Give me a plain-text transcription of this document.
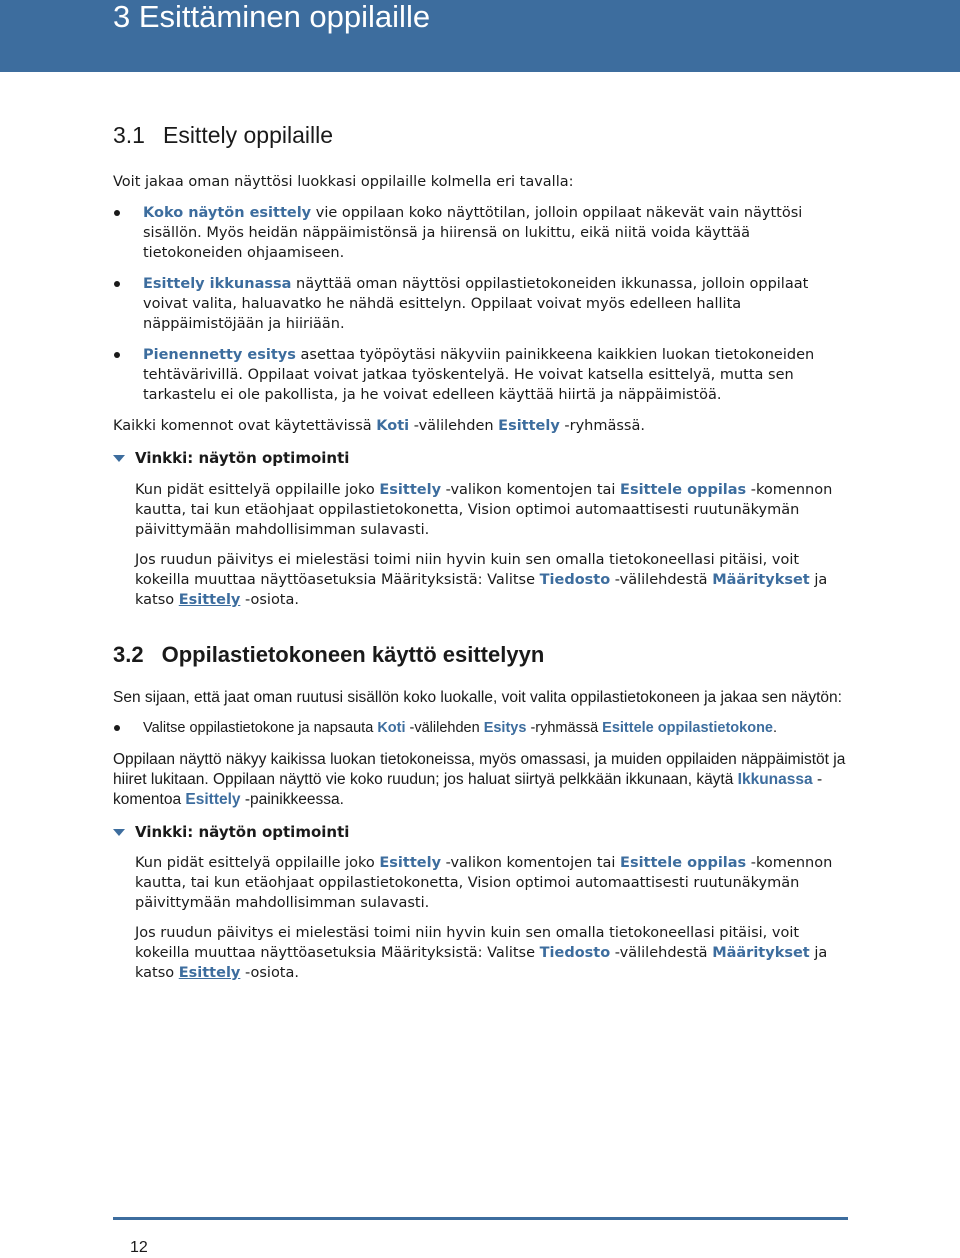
3 Esittäminen oppilaille
3.1 Esittely oppilaille

Voit jakaa oman näyttösi luokkasi oppilaille kolmella eri tavalla:

Koko näytön esittely vie oppilaan koko näyttötilan, jolloin oppilaat näkevät vain näyttösi sisällön. Myös heidän näppäimistönsä ja hiirensä on lukittu, eikä niitä voida käyttää tietokoneiden ohjaamiseen.
Esittely ikkunassa näyttää oman näyttösi oppilastietokoneiden ikkunassa, jolloin oppilaat voivat valita, haluavatko he nähdä esittelyn. Oppilaat voivat myös edelleen hallita näppäimistöjään ja hiiriään.
Pienennetty esitys asettaa työpöytäsi näkyviin painikkeena kaikkien luokan tietokoneiden tehtävärivillä. Oppilaat voivat jatkaa työskentelyä. He voivat katsella esittelyä, mutta sen tarkastelu ei ole pakollista, ja he voivat edelleen käyttää hiirtä ja näppäimistöä.

Kaikki komennot ovat käytettävissä Koti -välilehden Esittely -ryhmässä.

Vinkki: näytön optimointi

Kun pidät esittelyä oppilaille joko Esittely -valikon komentojen tai Esittele oppilas -komennon kautta, tai kun etäohjaat oppilastietokonetta, Vision optimoi automaattisesti ruutunäkymän päivittymään mahdollisimman sulavasti.

Jos ruudun päivitys ei mielestäsi toimi niin hyvin kuin sen omalla tietokoneellasi pitäisi, voit kokeilla muuttaa näyttöasetuksia Määrityksistä: Valitse Tiedosto -välilehdestä Määritykset ja katso Esittely -osiota.

3.2 Oppilastietokoneen käyttö esittelyyn

Sen sijaan, että jaat oman ruutusi sisällön koko luokalle, voit valita oppilastietokoneen ja jakaa sen näytön:

Valitse oppilastietokone ja napsauta Koti -välilehden Esitys -ryhmässä Esittele oppilastietokone.

Oppilaan näyttö näkyy kaikissa luokan tietokoneissa, myös omassasi, ja muiden oppilaiden näppäimistöt ja hiiret lukitaan. Oppilaan näyttö vie koko ruudun; jos haluat siirtyä pelkkään ikkunaan, käytä Ikkunassa -komentoa Esittely -painikkeessa.

Vinkki: näytön optimointi

Kun pidät esittelyä oppilaille joko Esittely -valikon komentojen tai Esittele oppilas -komennon kautta, tai kun etäohjaat oppilastietokonetta, Vision optimoi automaattisesti ruutunäkymän päivittymään mahdollisimman sulavasti.

Jos ruudun päivitys ei mielestäsi toimi niin hyvin kuin sen omalla tietokoneellasi pitäisi, voit kokeilla muuttaa näyttöasetuksia Määrityksistä: Valitse Tiedosto -välilehdestä Määritykset ja katso Esittely -osiota.

12
